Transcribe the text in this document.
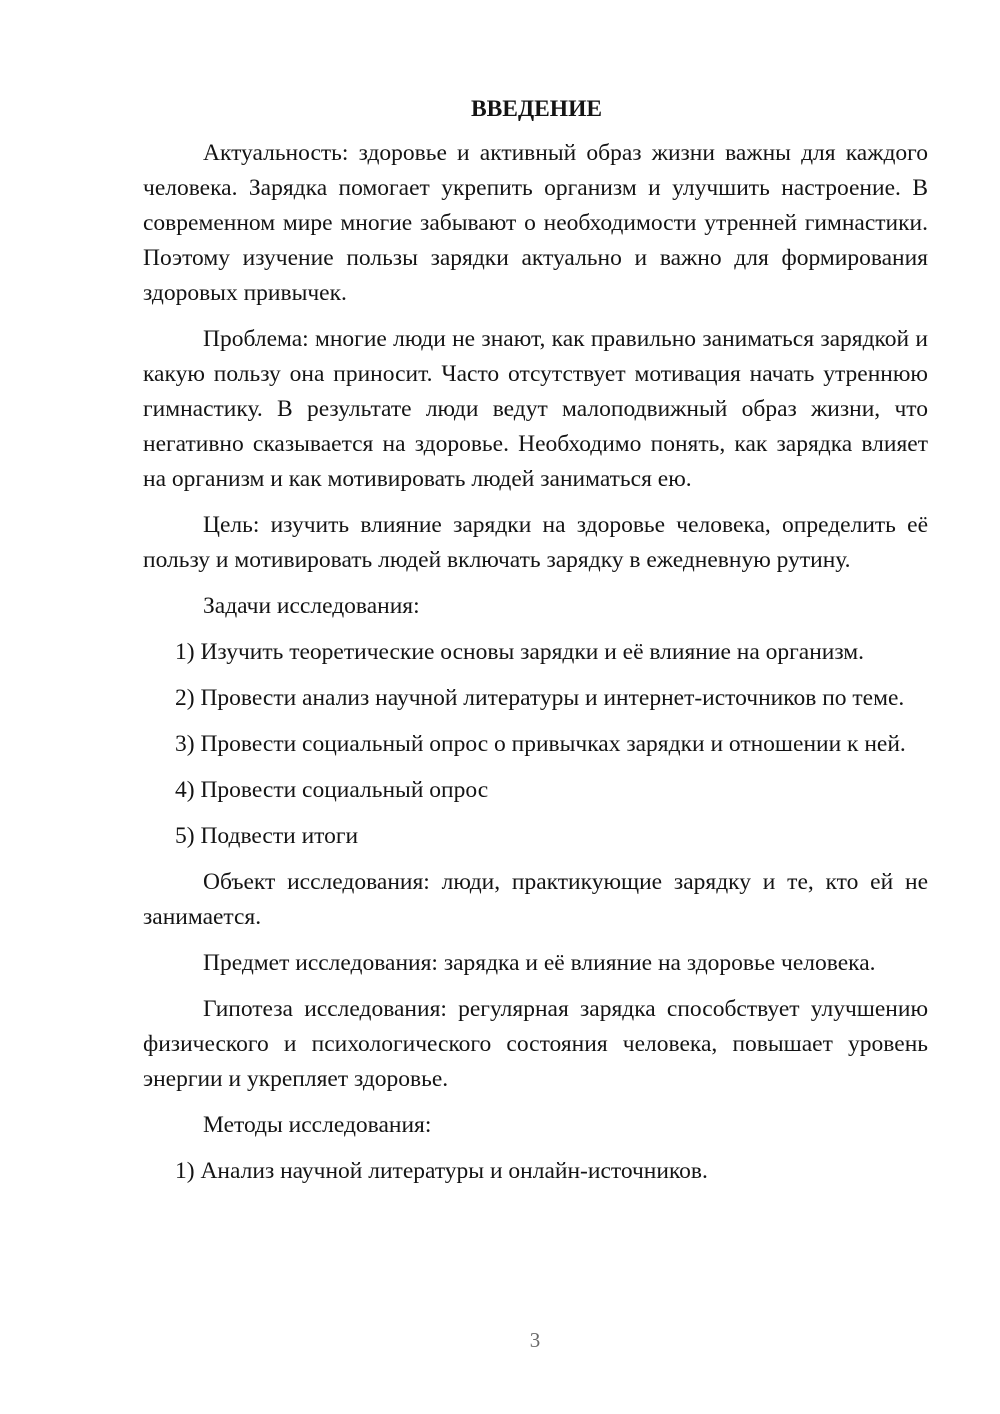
ВВЕДЕНИЕ

Актуальность: здоровье и активный образ жизни важны для каждого человека. Зарядка помогает укрепить организм и улучшить настроение. В современном мире многие забывают о необходимости утренней гимнастики. Поэтому изучение пользы зарядки актуально и важно для формирования здоровых привычек.

Проблема: многие люди не знают, как правильно заниматься зарядкой и какую пользу она приносит. Часто отсутствует мотивация начать утреннюю гимнастику. В результате люди ведут малоподвижный образ жизни, что негативно сказывается на здоровье. Необходимо понять, как зарядка влияет на организм и как мотивировать людей заниматься ею.

Цель: изучить влияние зарядки на здоровье человека, определить её пользу и мотивировать людей включать зарядку в ежедневную рутину.

Задачи исследования:

1) Изучить теоретические основы зарядки и её влияние на организм.

2) Провести анализ научной литературы и интернет-источников по теме.

3) Провести социальный опрос о привычках зарядки и отношении к ней.

4) Провести социальный опрос

5) Подвести итоги

Объект исследования: люди, практикующие зарядку и те, кто ей не занимается.

Предмет исследования: зарядка и её влияние на здоровье человека.

Гипотеза исследования: регулярная зарядка способствует улучшению физического и психологического состояния человека, повышает уровень энергии и укрепляет здоровье.

Методы исследования:

1) Анализ научной литературы и онлайн-источников.

3
